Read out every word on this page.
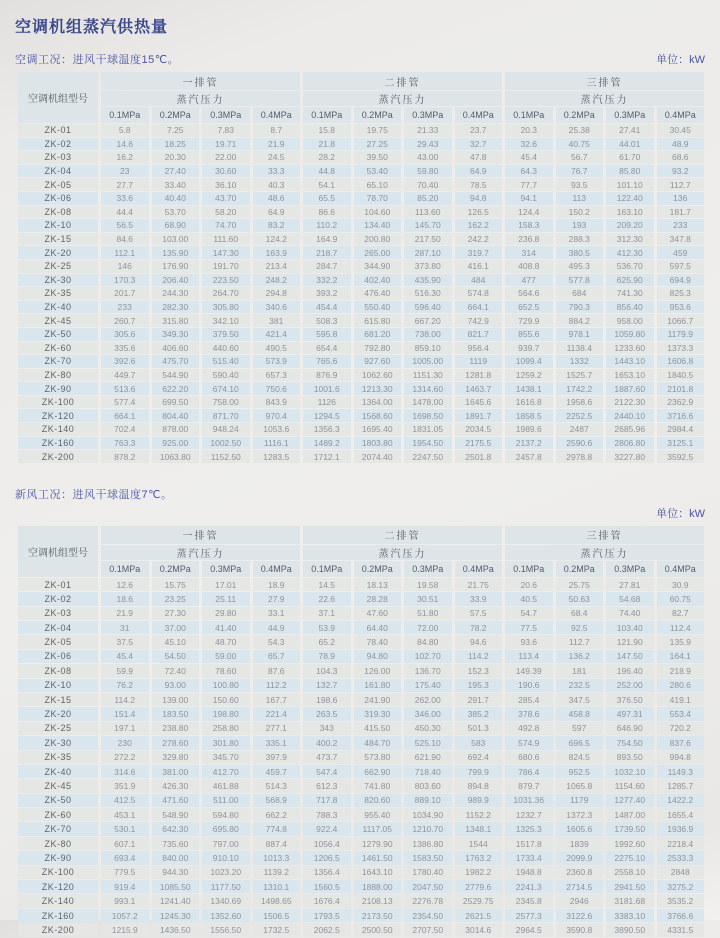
空调机组蒸汽供热量
空调工况：进风干球温度15℃。	单位：kW
空调机组型号	一排管				二排管				三排管			
	蒸汽压力				蒸汽压力				蒸汽压力			
	0.1MPa	0.2MPa	0.3MPa	0.4MPa	0.1MPa	0.2MPa	0.3MPa	0.4MPa	0.1MPa	0.2MPa	0.3MPa	0.4MPa
ZK-01	5.8	7.25	7.83	8.7	15.8	19.75	21.33	23.7	20.3	25.38	27.41	30.45
ZK-02	14.6	18.25	19.71	21.9	21.8	27.25	29.43	32.7	32.6	40.75	44.01	48.9
ZK-03	16.2	20.30	22.00	24.5	28.2	39.50	43.00	47.8	45.4	56.7	61.70	68.6
ZK-04	23	27.40	30.60	33.3	44.8	53.40	59.80	64.9	64.3	76.7	85.80	93.2
ZK-05	27.7	33.40	36.10	40.3	54.1	65.10	70.40	78.5	77.7	93.5	101.10	112.7
ZK-06	33.6	40.40	43.70	48.6	65.5	78.70	85.20	94.8	94.1	113	122.40	136
ZK-08	44.4	53.70	58.20	64.9	86.6	104.60	113.60	126.5	124.4	150.2	163.10	181.7
ZK-10	56.5	68.90	74.70	83.2	110.2	134.40	145.70	162.2	158.3	193	209.20	233
ZK-15	84.6	103.00	111.60	124.2	164.9	200.80	217.50	242.2	236.8	288.3	312.30	347.8
ZK-20	112.1	135.90	147.30	163.9	218.7	265.00	287.10	319.7	314	380.5	412.30	459
ZK-25	146	176.90	191.70	213.4	284.7	344.90	373.80	416.1	408.8	495.3	536.70	597.5
ZK-30	170.3	206.40	223.50	248.2	332.2	402.40	435.90	484	477	577.8	625.90	694.9
ZK-35	201.7	244.30	264.70	294.8	393.2	476.40	516.30	574.8	564.6	684	741.30	825.3
ZK-40	233	282.30	305.80	340.6	454.4	550.40	596.40	664.1	652.5	790.3	856.40	953.6
ZK-45	260.7	315.80	342.10	381	508.3	615.80	667.20	742.9	729.9	884.2	958.00	1066.7
ZK-50	305.6	349.30	379.50	421.4	595.8	681.20	738.00	821.7	855.6	978.1	1059.80	1179.9
ZK-60	335.6	406.60	440.60	490.5	654.4	792.80	859.10	956.4	939.7	1138.4	1233.60	1373.3
ZK-70	392.6	475.70	515.40	573.9	765.6	927.60	1005.00	1119	1099.4	1332	1443.10	1606.8
ZK-80	449.7	544.90	590.40	657.3	876.9	1062.60	1151.30	1281.8	1259.2	1525.7	1653.10	1840.5
ZK-90	513.6	622.20	674.10	750.6	1001.6	1213.30	1314.60	1463.7	1438.1	1742.2	1887.60	2101.8
ZK-100	577.4	699.50	758.00	843.9	1126	1364.00	1478.00	1645.6	1616.8	1958.6	2122.30	2362.9
ZK-120	664.1	804.40	871.70	970.4	1294.5	1568.60	1698.50	1891.7	1858.5	2252.5	2440.10	3716.6
ZK-140	702.4	878.00	948.24	1053.6	1356.3	1695.40	1831.05	2034.5	1989.6	2487	2685.96	2984.4
ZK-160	763.3	925.00	1002.50	1116.1	1489.2	1803.80	1954.50	2175.5	2137.2	2590.6	2806.80	3125.1
ZK-200	878.2	1063.80	1152.50	1283.5	1712.1	2074.40	2247.50	2501.8	2457.8	2978.8	3227.80	3592.5
新风工况：进风干球温度7℃。
单位：kW
空调机组型号	一排管				二排管				三排管			
	蒸汽压力				蒸汽压力				蒸汽压力			
	0.1MPa	0.2MPa	0.3MPa	0.4MPa	0.1MPa	0.2MPa	0.3MPa	0.4MPa	0.1MPa	0.2MPa	0.3MPa	0.4MPa
ZK-01	12.6	15.75	17.01	18.9	14.5	18.13	19.58	21.75	20.6	25.75	27.81	30.9
ZK-02	18.6	23.25	25.11	27.9	22.6	28.28	30.51	33.9	40.5	50.63	54.68	60.75
ZK-03	21.9	27.30	29.80	33.1	37.1	47.60	51.80	57.5	54.7	68.4	74.40	82.7
ZK-04	31	37.00	41.40	44.9	53.9	64.40	72.00	78.2	77.5	92.5	103.40	112.4
ZK-05	37.5	45.10	48.70	54.3	65.2	78.40	84.80	94.6	93.6	112.7	121.90	135.9
ZK-06	45.4	54.50	59.00	65.7	78.9	94.80	102.70	114.2	113.4	136.2	147.50	164.1
ZK-08	59.9	72.40	78.60	87.6	104.3	126.00	136.70	152.3	149.39	181	196.40	218.9
ZK-10	76.2	93.00	100.80	112.2	132.7	161.80	175.40	195.3	190.6	232.5	252.00	280.6
ZK-15	114.2	139.00	150.60	167.7	198.6	241.90	262.00	291.7	285.4	347.5	376.50	419.1
ZK-20	151.4	183.50	198.80	221.4	263.5	319.30	346.00	385.2	378.6	458.8	497.31	553.4
ZK-25	197.1	238.80	258.80	277.1	343	415.50	450.30	501.3	492.8	597	646.90	720.2
ZK-30	230	278.60	301.80	335.1	400.2	484.70	525.10	583	574.9	696.5	754.50	837.6
ZK-35	272.2	329.80	345.70	397.9	473.7	573.80	621.90	692.4	680.6	824.5	893.50	994.8
ZK-40	314.6	381.00	412.70	459.7	547.4	662.90	718.40	799.9	786.4	952.5	1032.10	1149.3
ZK-45	351.9	426.30	461.88	514.3	612.3	741.80	803.60	894.8	879.7	1065.8	1154.60	1285.7
ZK-50	412.5	471.60	511.00	568.9	717.8	820.60	889.10	989.9	1031.36	1179	1277.40	1422.2
ZK-60	453.1	548.90	594.80	662.2	788.3	955.40	1034.90	1152.2	1232.7	1372.3	1487.00	1655.4
ZK-70	530.1	642.30	695.80	774.8	922.4	1117.05	1210.70	1348.1	1325.3	1605.6	1739.50	1936.9
ZK-80	607.1	735.60	797.00	887.4	1056.4	1279.90	1386.80	1544	1517.8	1839	1992.60	2218.4
ZK-90	693.4	840.00	910.10	1013.3	1206.5	1461.50	1583.50	1763.2	1733.4	2099.9	2275.10	2533.3
ZK-100	779.5	944.30	1023.20	1139.2	1356.4	1643.10	1780.40	1982.2	1948.8	2360.8	2558.10	2848
ZK-120	919.4	1085.50	1177.50	1310.1	1560.5	1888.00	2047.50	2779.6	2241.3	2714.5	2941.50	3275.2
ZK-140	993.1	1241.40	1340.69	1498.65	1676.4	2108.13	2276.78	2529.75	2345.8	2946	3181.68	3535.2
ZK-160	1057.2	1245.30	1352.60	1506.5	1793.5	2173.50	2354.50	2621.5	2577.3	3122.6	3383.10	3766.6
ZK-200	1215.9	1436.50	1556.50	1732.5	2062.5	2500.50	2707.50	3014.6	2964.5	3590.8	3890.50	4331.5
